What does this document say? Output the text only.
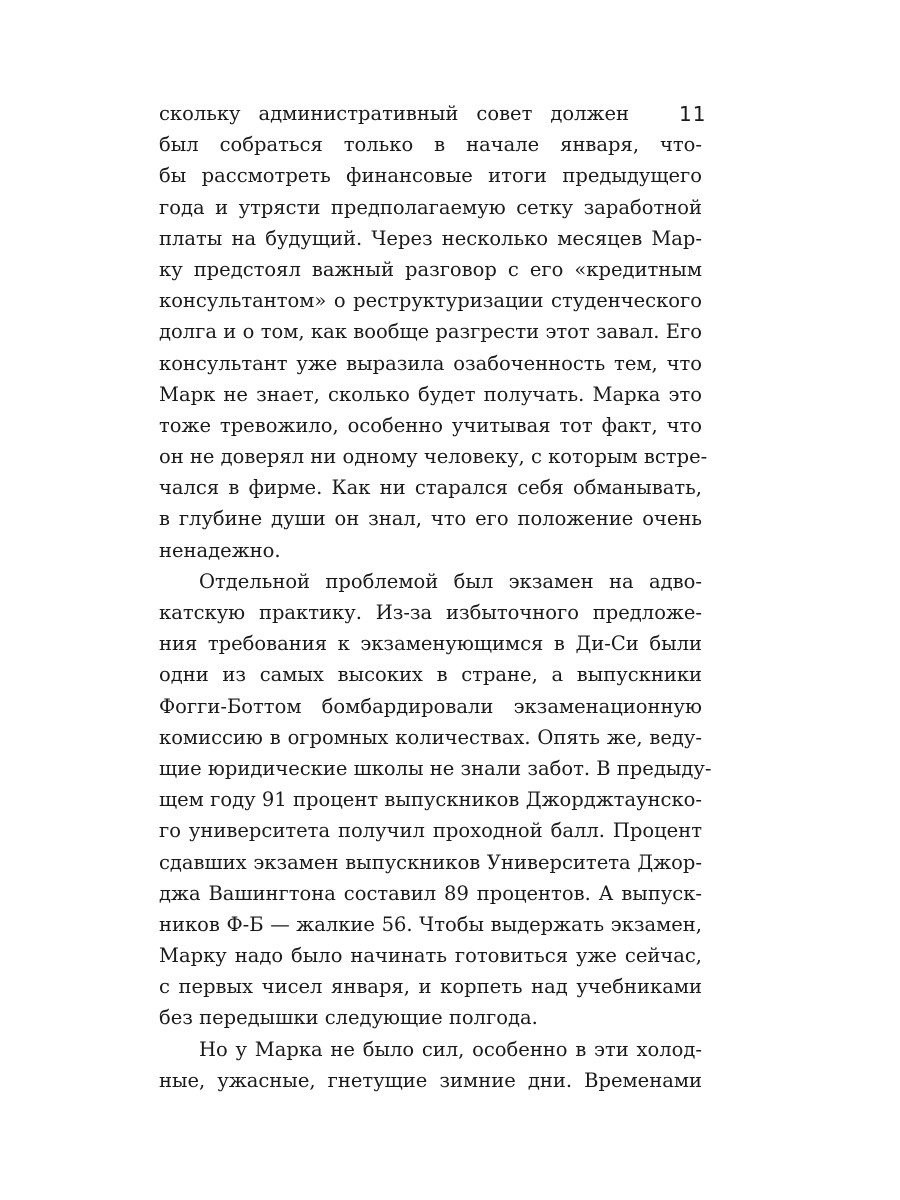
11
скольку административный совет должен
был собраться только в начале января, что-
бы рассмотреть финансовые итоги предыдущего
года и утрясти предполагаемую сетку заработной
платы на будущий. Через несколько месяцев Мар-
ку предстоял важный разговор с его «кредитным
консультантом» о реструктуризации студенческого
долга и о том, как вообще разгрести этот завал. Его
консультант уже выразила озабоченность тем, что
Марк не знает, сколько будет получать. Марка это
тоже тревожило, особенно учитывая тот факт, что
он не доверял ни одному человеку, с которым встре-
чался в фирме. Как ни старался себя обманывать,
в глубине души он знал, что его положение очень
ненадежно.
Отдельной проблемой был экзамен на адво-
катскую практику. Из-за избыточного предложе-
ния требования к экзаменующимся в Ди-Си были
одни из самых высоких в стране, а выпускники
Фогги-Боттом бомбардировали экзаменационную
комиссию в огромных количествах. Опять же, веду-
щие юридические школы не знали забот. В предыду-
щем году 91 процент выпускников Джорджтаунско-
го университета получил проходной балл. Процент
сдавших экзамен выпускников Университета Джор-
джа Вашингтона составил 89 процентов. А выпуск-
ников Ф-Б — жалкие 56. Чтобы выдержать экзамен,
Марку надо было начинать готовиться уже сейчас,
с первых чисел января, и корпеть над учебниками
без передышки следующие полгода.
Но у Марка не было сил, особенно в эти холод-
ные, ужасные, гнетущие зимние дни. Временами
